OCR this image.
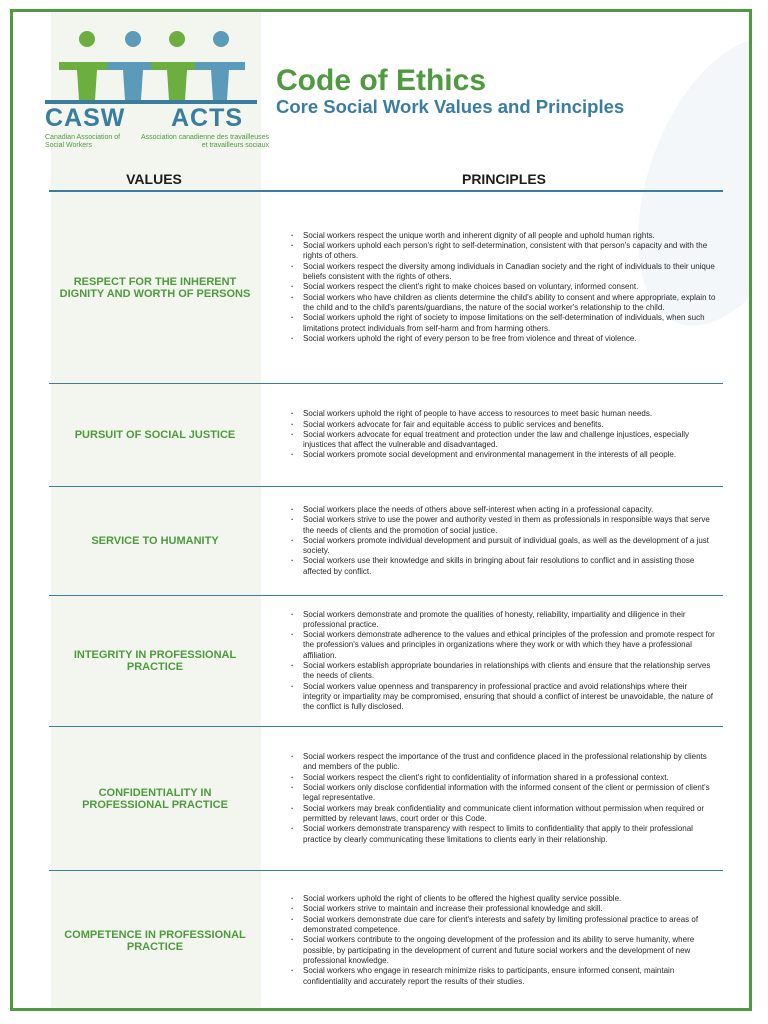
CASW ACTS
Canadian Association of Social Workers
Association canadienne des travailleuses et travailleurs sociaux
Code of Ethics
Core Social Work Values and Principles
VALUES	PRINCIPLES
RESPECT FOR THE INHERENT DIGNITY AND WORTH OF PERSONS
· Social workers respect the unique worth and inherent dignity of all people and uphold human rights.
· Social workers uphold each person's right to self-determination, consistent with that person's capacity and with the rights of others.
· Social workers respect the diversity among individuals in Canadian society and the right of individuals to their unique beliefs consistent with the rights of others.
· Social workers respect the client's right to make choices based on voluntary, informed consent.
· Social workers who have children as clients determine the child's ability to consent and where appropriate, explain to the child and to the child's parents/guardians, the nature of the social worker's relationship to the child.
· Social workers uphold the right of society to impose limitations on the self-determination of individuals, when such limitations protect individuals from self-harm and from harming others.
· Social workers uphold the right of every person to be free from violence and threat of violence.
PURSUIT OF SOCIAL JUSTICE
· Social workers uphold the right of people to have access to resources to meet basic human needs.
· Social workers advocate for fair and equitable access to public services and benefits.
· Social workers advocate for equal treatment and protection under the law and challenge injustices, especially injustices that affect the vulnerable and disadvantaged.
· Social workers promote social development and environmental management in the interests of all people.
SERVICE TO HUMANITY
· Social workers place the needs of others above self-interest when acting in a professional capacity.
· Social workers strive to use the power and authority vested in them as professionals in responsible ways that serve the needs of clients and the promotion of social justice.
· Social workers promote individual development and pursuit of individual goals, as well as the development of a just society.
· Social workers use their knowledge and skills in bringing about fair resolutions to conflict and in assisting those affected by conflict.
INTEGRITY IN PROFESSIONAL PRACTICE
· Social workers demonstrate and promote the qualities of honesty, reliability, impartiality and diligence in their professional practice.
· Social workers demonstrate adherence to the values and ethical principles of the profession and promote respect for the profession's values and principles in organizations where they work or with which they have a professional affiliation.
· Social workers establish appropriate boundaries in relationships with clients and ensure that the relationship serves the needs of clients.
· Social workers value openness and transparency in professional practice and avoid relationships where their integrity or impartiality may be compromised, ensuring that should a conflict of interest be unavoidable, the nature of the conflict is fully disclosed.
CONFIDENTIALITY IN PROFESSIONAL PRACTICE
· Social workers respect the importance of the trust and confidence placed in the professional relationship by clients and members of the public.
· Social workers respect the client's right to confidentiality of information shared in a professional context.
· Social workers only disclose confidential information with the informed consent of the client or permission of client's legal representative.
· Social workers may break confidentiality and communicate client information without permission when required or permitted by relevant laws, court order or this Code.
· Social workers demonstrate transparency with respect to limits to confidentiality that apply to their professional practice by clearly communicating these limitations to clients early in their relationship.
COMPETENCE IN PROFESSIONAL PRACTICE
· Social workers uphold the right of clients to be offered the highest quality service possible.
· Social workers strive to maintain and increase their professional knowledge and skill.
· Social workers demonstrate due care for client's interests and safety by limiting professional practice to areas of demonstrated competence.
· Social workers contribute to the ongoing development of the profession and its ability to serve humanity, where possible, by participating in the development of current and future social workers and the development of new professional knowledge.
· Social workers who engage in research minimize risks to participants, ensure informed consent, maintain confidentiality and accurately report the results of their studies.
